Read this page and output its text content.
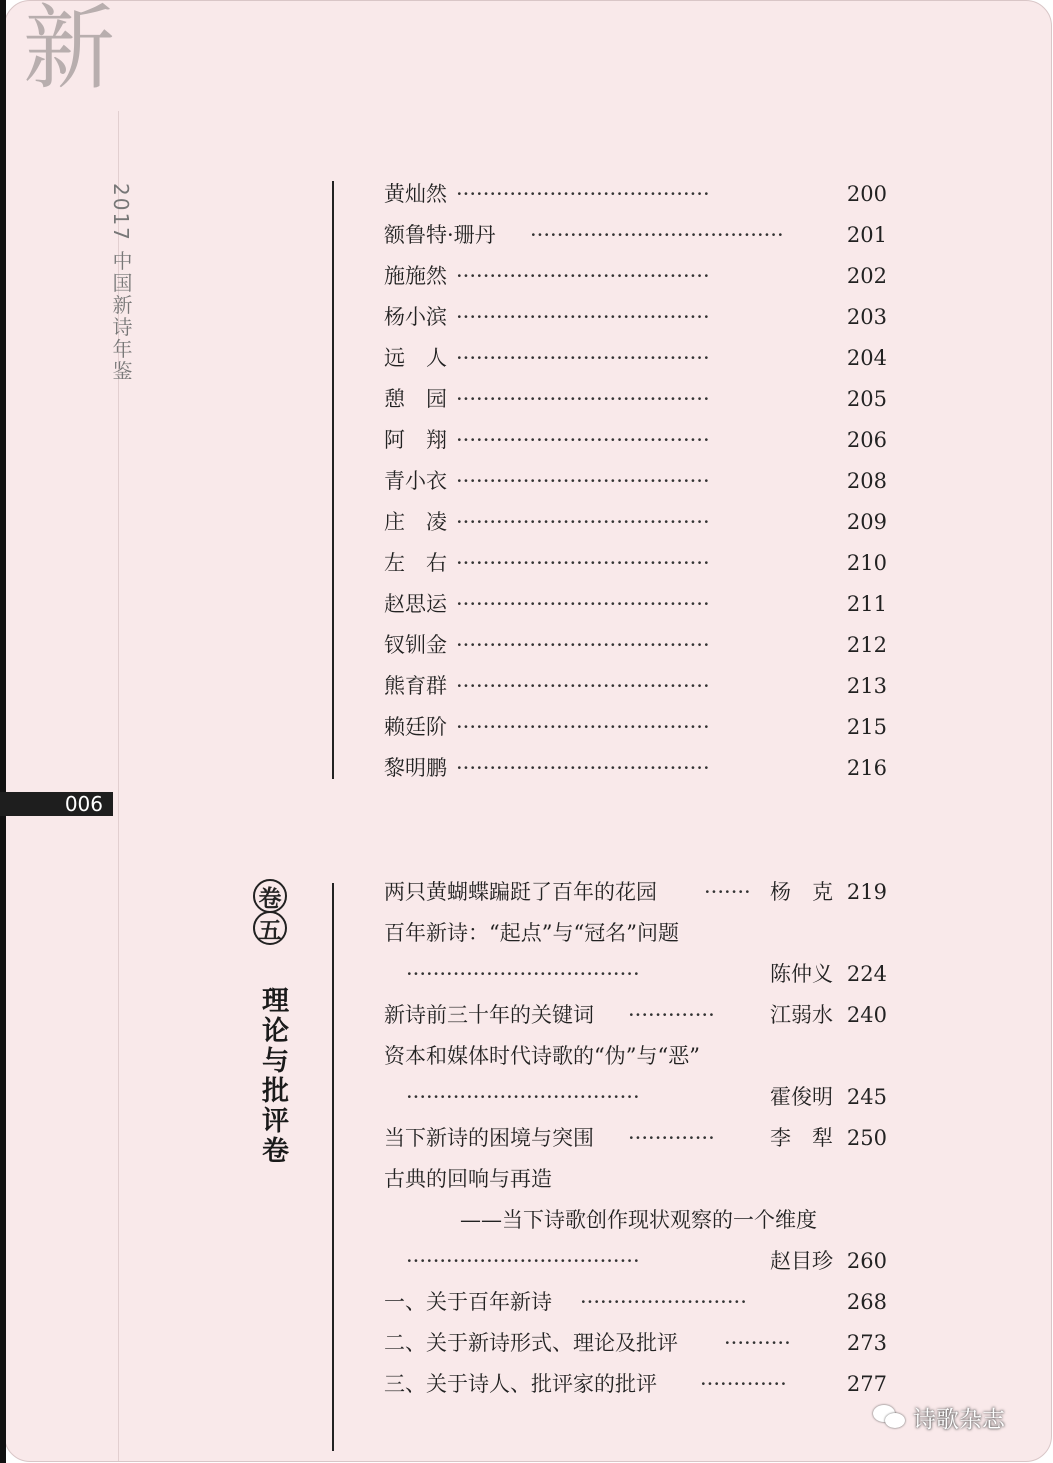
新
2017 中国新诗年鉴
卷
五
理论与批评卷
黄灿然 ······································	200
额鲁特·珊丹 ······································	201
施施然 ······································	202
杨小滨 ······································	203
远　人 ······································	204
憩　园 ······································	205
阿　翔 ······································	206
青小衣 ······································	208
庄　凌 ······································	209
左　右 ······································	210
赵思运 ······································	211
钗钏金 ······································	212
熊育群 ······································	213
赖廷阶 ······································	215
黎明鹏 ······································	216
两只黄蝴蝶蹁跹了百年的花园 ······· 杨　克 219
百年新诗：“起点”与“冠名”问题
···································	陈仲义 224
新诗前三十年的关键词 ·············	江弱水 240
资本和媒体时代诗歌的“伪”与“恶”
···································	霍俊明 245
当下新诗的困境与突围 ·············	李　犁 250
古典的回响与再造
——当下诗歌创作现状观察的一个维度
···································	赵目珍 260
一、关于百年新诗 ·························	268
二、关于新诗形式、理论及批评 ··········	273
三、关于诗人、批评家的批评 ·············	277
诗歌杂志
006
